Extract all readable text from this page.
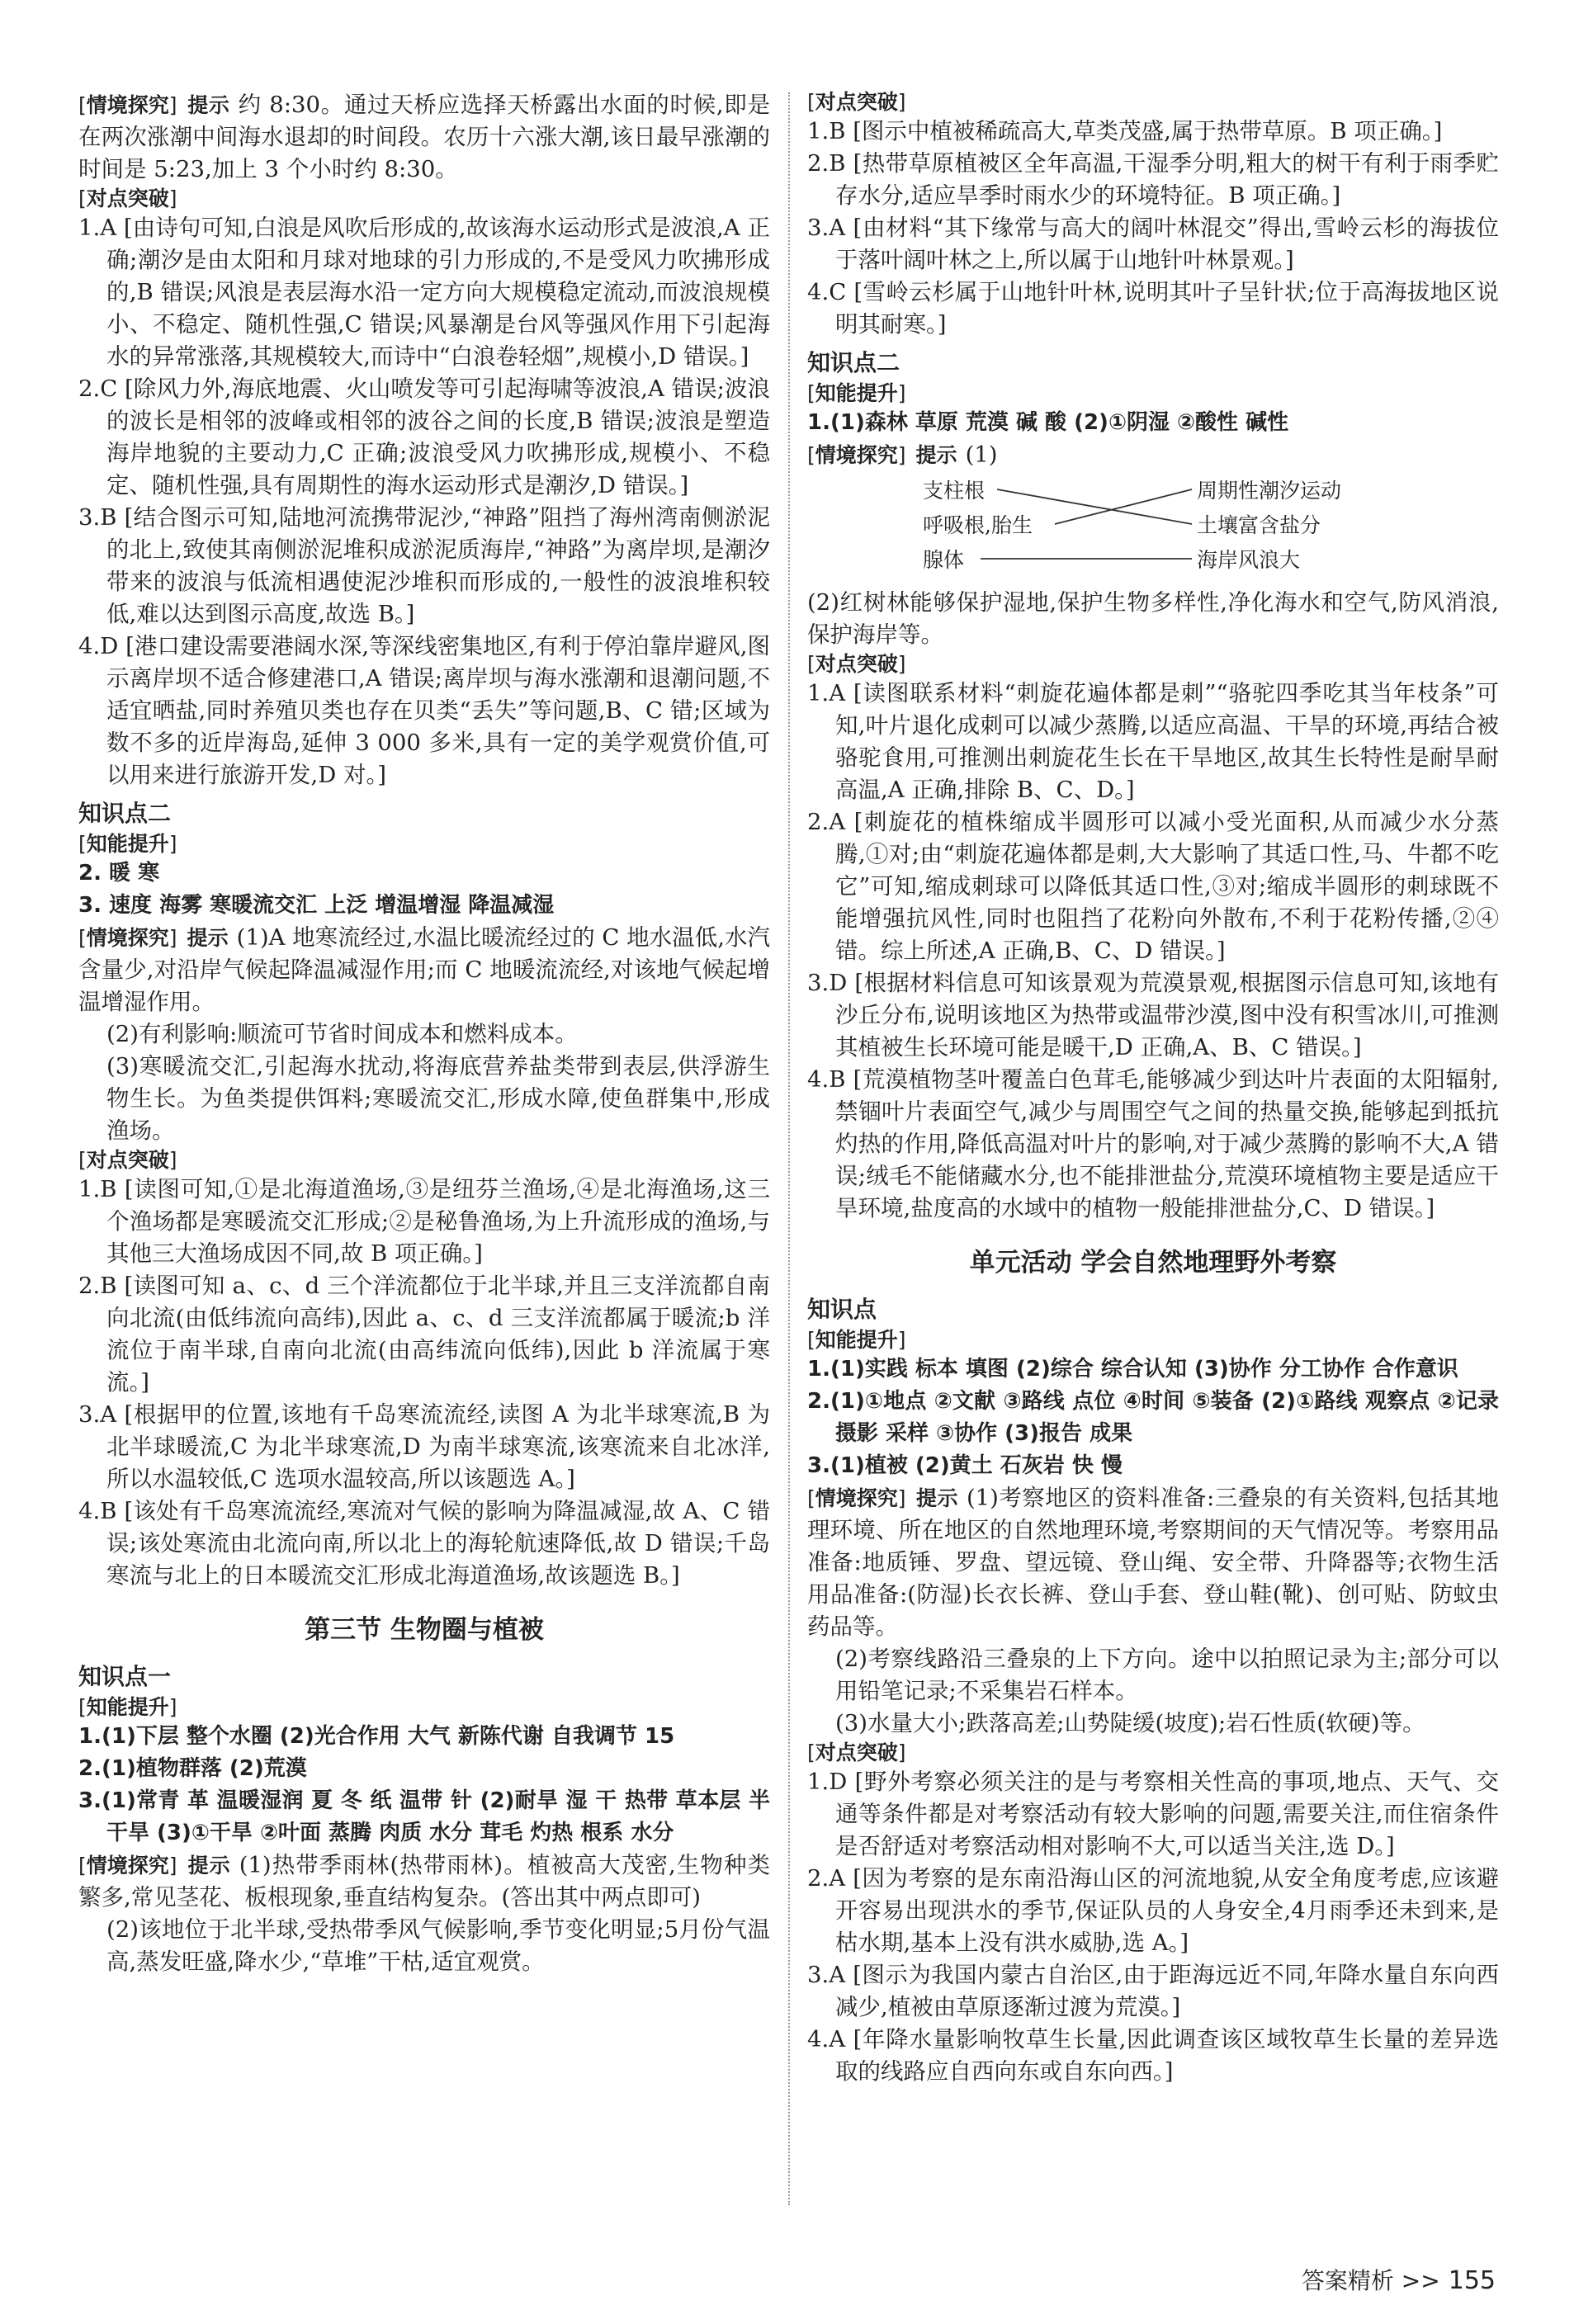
[ 情境探究 ] 提示 约 8:30。通过天桥应选择天桥露出水面的时候,即是在两次涨潮中间海水退却的时间段。农历十六涨大潮,该日最早涨潮的时间是 5:23,加上 3 个小时约 8:30。

[ 对点突破 ]

1.A [由诗句可知,白浪是风吹后形成的,故该海水运动形式是波浪,A 正确;潮汐是由太阳和月球对地球的引力形成的,不是受风力吹拂形成的,B 错误;风浪是表层海水沿一定方向大规模稳定流动,而波浪规模小、不稳定、随机性强,C 错误;风暴潮是台风等强风作用下引起海水的异常涨落,其规模较大,而诗中“白浪卷轻烟”,规模小,D 错误。]

2.C [除风力外,海底地震、火山喷发等可引起海啸等波浪,A 错误;波浪的波长是相邻的波峰或相邻的波谷之间的长度,B 错误;波浪是塑造海岸地貌的主要动力,C 正确;波浪受风力吹拂形成,规模小、不稳定、随机性强,具有周期性的海水运动形式是潮汐,D 错误。]

3.B [结合图示可知,陆地河流携带泥沙,“神路”阻挡了海州湾南侧淤泥的北上,致使其南侧淤泥堆积成淤泥质海岸,“神路”为离岸坝,是潮汐带来的波浪与低流相遇使泥沙堆积而形成的,一般性的波浪堆积较低,难以达到图示高度,故选 B。]

4.D [港口建设需要港阔水深,等深线密集地区,有利于停泊靠岸避风,图示离岸坝不适合修建港口,A 错误;离岸坝与海水涨潮和退潮问题,不适宜晒盐,同时养殖贝类也存在贝类“丢失”等问题,B、C 错;区域为数不多的近岸海岛,延伸 3 000 多米,具有一定的美学观赏价值,可以用来进行旅游开发,D 对。]

知识点二
[ 知能提升 ]

2. 暖 寒

3. 速度 海雾 寒暖流交汇 上泛 增温增湿 降温减湿

[ 情境探究 ] 提示 (1)A 地寒流经过,水温比暖流经过的 C 地水温低,水汽含量少,对沿岸气候起降温减湿作用;而 C 地暖流流经,对该地气候起增温增湿作用。

(2)有利影响:顺流可节省时间成本和燃料成本。

(3)寒暖流交汇,引起海水扰动,将海底营养盐类带到表层,供浮游生物生长。为鱼类提供饵料;寒暖流交汇,形成水障,使鱼群集中,形成渔场。

[ 对点突破 ]

1.B [读图可知,①是北海道渔场,③是纽芬兰渔场,④是北海渔场,这三个渔场都是寒暖流交汇形成;②是秘鲁渔场,为上升流形成的渔场,与其他三大渔场成因不同,故 B 项正确。]

2.B [读图可知 a、c、d 三个洋流都位于北半球,并且三支洋流都自南向北流(由低纬流向高纬),因此 a、c、d 三支洋流都属于暖流;b 洋流位于南半球,自南向北流(由高纬流向低纬),因此 b 洋流属于寒流。]

3.A [根据甲的位置,该地有千岛寒流流经,读图 A 为北半球寒流,B 为北半球暖流,C 为北半球寒流,D 为南半球寒流,该寒流来自北冰洋,所以水温较低,C 选项水温较高,所以该题选 A。]

4.B [该处有千岛寒流流经,寒流对气候的影响为降温减湿,故 A、C 错误;该处寒流由北流向南,所以北上的海轮航速降低,故 D 错误;千岛寒流与北上的日本暖流交汇形成北海道渔场,故该题选 B。]

第三节 生物圈与植被
知识点一
[ 知能提升 ]

1.(1)下层 整个水圈 (2)光合作用 大气 新陈代谢 自我调节 15

2.(1)植物群落 (2)荒漠

3.(1)常青 革 温暖湿润 夏 冬 纸 温带 针 (2)耐旱 湿 干 热带 草本层 半干旱 (3)①干旱 ②叶面 蒸腾 肉质 水分 茸毛 灼热 根系 水分

[ 情境探究 ] 提示 (1)热带季雨林(热带雨林)。植被高大茂密,生物种类繁多,常见茎花、板根现象,垂直结构复杂。(答出其中两点即可)

(2)该地位于北半球,受热带季风气候影响,季节变化明显;5月份气温高,蒸发旺盛,降水少,“草堆”干枯,适宜观赏。

[ 对点突破 ]

1.B [图示中植被稀疏高大,草类茂盛,属于热带草原。B 项正确。]

2.B [热带草原植被区全年高温,干湿季分明,粗大的树干有利于雨季贮存水分,适应旱季时雨水少的环境特征。B 项正确。]

3.A [由材料“其下缘常与高大的阔叶林混交”得出,雪岭云杉的海拔位于落叶阔叶林之上,所以属于山地针叶林景观。]

4.C [雪岭云杉属于山地针叶林,说明其叶子呈针状;位于高海拔地区说明其耐寒。]

知识点二
[ 知能提升 ]

1.(1)森林 草原 荒漠 碱 酸 (2)①阴湿 ②酸性 碱性

[ 情境探究 ] 提示 (1)

支柱根
呼吸根,胎生
腺体
周期性潮汐运动
土壤富含盐分
海岸风浪大

(2)红树林能够保护湿地,保护生物多样性,净化海水和空气,防风消浪,保护海岸等。

[ 对点突破 ]

1.A [读图联系材料“刺旋花遍体都是刺”“骆驼四季吃其当年枝条”可知,叶片退化成刺可以减少蒸腾,以适应高温、干旱的环境,再结合被骆驼食用,可推测出刺旋花生长在干旱地区,故其生长特性是耐旱耐高温,A 正确,排除 B、C、D。]

2.A [刺旋花的植株缩成半圆形可以减小受光面积,从而减少水分蒸腾,①对;由“刺旋花遍体都是刺,大大影响了其适口性,马、牛都不吃它”可知,缩成刺球可以降低其适口性,③对;缩成半圆形的刺球既不能增强抗风性,同时也阻挡了花粉向外散布,不利于花粉传播,②④错。综上所述,A 正确,B、C、D 错误。]

3.D [根据材料信息可知该景观为荒漠景观,根据图示信息可知,该地有沙丘分布,说明该地区为热带或温带沙漠,图中没有积雪冰川,可推测其植被生长环境可能是暖干,D 正确,A、B、C 错误。]

4.B [荒漠植物茎叶覆盖白色茸毛,能够减少到达叶片表面的太阳辐射,禁锢叶片表面空气,减少与周围空气之间的热量交换,能够起到抵抗灼热的作用,降低高温对叶片的影响,对于减少蒸腾的影响不大,A 错误;绒毛不能储藏水分,也不能排泄盐分,荒漠环境植物主要是适应干旱环境,盐度高的水域中的植物一般能排泄盐分,C、D 错误。]

单元活动 学会自然地理野外考察
知识点
[ 知能提升 ]

1.(1)实践 标本 填图 (2)综合 综合认知 (3)协作 分工协作 合作意识

2.(1)①地点 ②文献 ③路线 点位 ④时间 ⑤装备 (2)①路线 观察点 ②记录 摄影 采样 ③协作 (3)报告 成果

3.(1)植被 (2)黄土 石灰岩 快 慢

[ 情境探究 ] 提示 (1)考察地区的资料准备:三叠泉的有关资料,包括其地理环境、所在地区的自然地理环境,考察期间的天气情况等。考察用品准备:地质锤、罗盘、望远镜、登山绳、安全带、升降器等;衣物生活用品准备:(防湿)长衣长裤、登山手套、登山鞋(靴)、创可贴、防蚊虫药品等。

(2)考察线路沿三叠泉的上下方向。途中以拍照记录为主;部分可以用铅笔记录;不采集岩石样本。

(3)水量大小;跌落高差;山势陡缓(坡度);岩石性质(软硬)等。

[ 对点突破 ]

1.D [野外考察必须关注的是与考察相关性高的事项,地点、天气、交通等条件都是对考察活动有较大影响的问题,需要关注,而住宿条件是否舒适对考察活动相对影响不大,可以适当关注,选 D。]

2.A [因为考察的是东南沿海山区的河流地貌,从安全角度考虑,应该避开容易出现洪水的季节,保证队员的人身安全,4月雨季还未到来,是枯水期,基本上没有洪水威胁,选 A。]

3.A [图示为我国内蒙古自治区,由于距海远近不同,年降水量自东向西减少,植被由草原逐渐过渡为荒漠。]

4.A [年降水量影响牧草生长量,因此调查该区域牧草生长量的差异选取的线路应自西向东或自东向西。]

答案精析 >> 155
